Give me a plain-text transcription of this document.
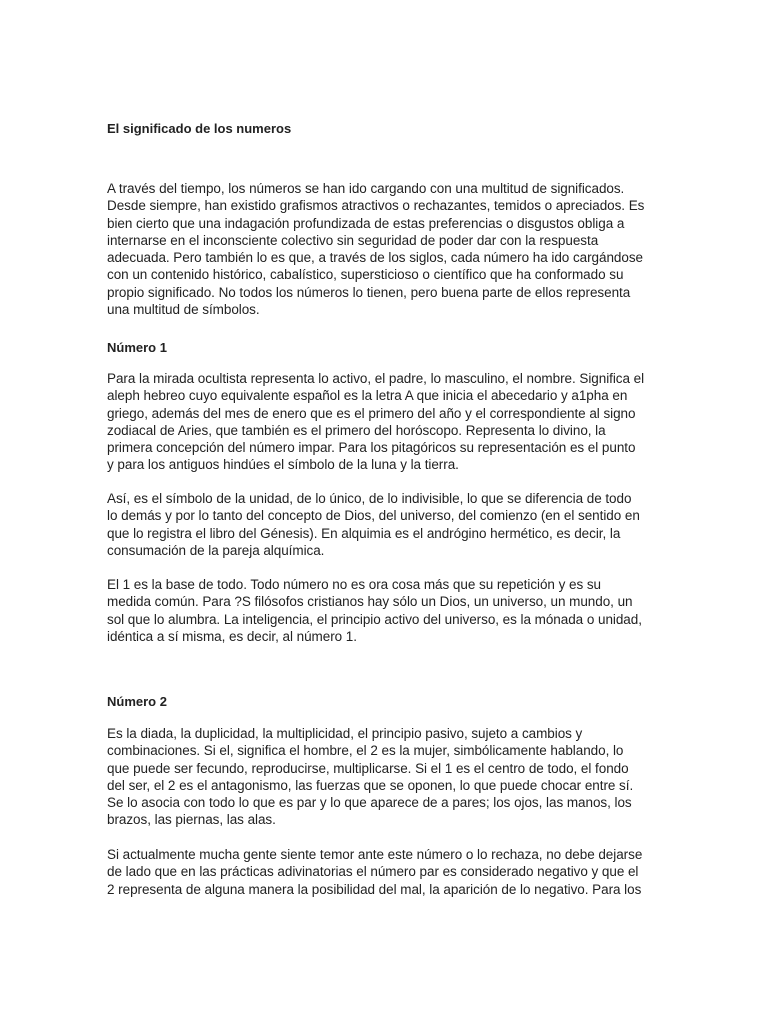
El significado de los numeros

A través del tiempo, los números se han ido cargando con una multitud de significados.
Desde siempre, han existido grafismos atractivos o rechazantes, temidos o apreciados. Es
bien cierto que una indagación profundizada de estas preferencias o disgustos obliga a
internarse en el inconsciente colectivo sin seguridad de poder dar con la respuesta
adecuada. Pero también lo es que, a través de los siglos, cada número ha ido cargándose
con un contenido histórico, cabalístico, supersticioso o científico que ha conformado su
propio significado. No todos los números lo tienen, pero buena parte de ellos representa
una multitud de símbolos.

Número 1

Para la mirada ocultista representa lo activo, el padre, lo masculino, el nombre. Significa el
aleph hebreo cuyo equivalente español es la letra A que inicia el abecedario y a1pha en
griego, además del mes de enero que es el primero del año y el correspondiente al signo
zodiacal de Aries, que también es el primero del horóscopo. Representa lo divino, la
primera concepción del número impar. Para los pitagóricos su representación es el punto
y para los antiguos hindúes el símbolo de la luna y la tierra.

Así, es el símbolo de la unidad, de lo único, de lo indivisible, lo que se diferencia de todo
lo demás y por lo tanto del concepto de Dios, del universo, del comienzo (en el sentido en
que lo registra el libro del Génesis). En alquimia es el andrógino hermético, es decir, la
consumación de la pareja alquímica.

El 1 es la base de todo. Todo número no es ora cosa más que su repetición y es su
medida común. Para ?S filósofos cristianos hay sólo un Dios, un universo, un mundo, un
sol que lo alumbra. La inteligencia, el principio activo del universo, es la mónada o unidad,
idéntica a sí misma, es decir, al número 1.

Número 2

Es la diada, la duplicidad, la multiplicidad, el principio pasivo, sujeto a cambios y
combinaciones. Si el, significa el hombre, el 2 es la mujer, simbólicamente hablando, lo
que puede ser fecundo, reproducirse, multiplicarse. Si el 1 es el centro de todo, el fondo
del ser, el 2 es el antagonismo, las fuerzas que se oponen, lo que puede chocar entre sí.
Se lo asocia con todo lo que es par y lo que aparece de a pares; los ojos, las manos, los
brazos, las piernas, las alas.

Si actualmente mucha gente siente temor ante este número o lo rechaza, no debe dejarse
de lado que en las prácticas adivinatorias el número par es considerado negativo y que el
2 representa de alguna manera la posibilidad del mal, la aparición de lo negativo. Para los
